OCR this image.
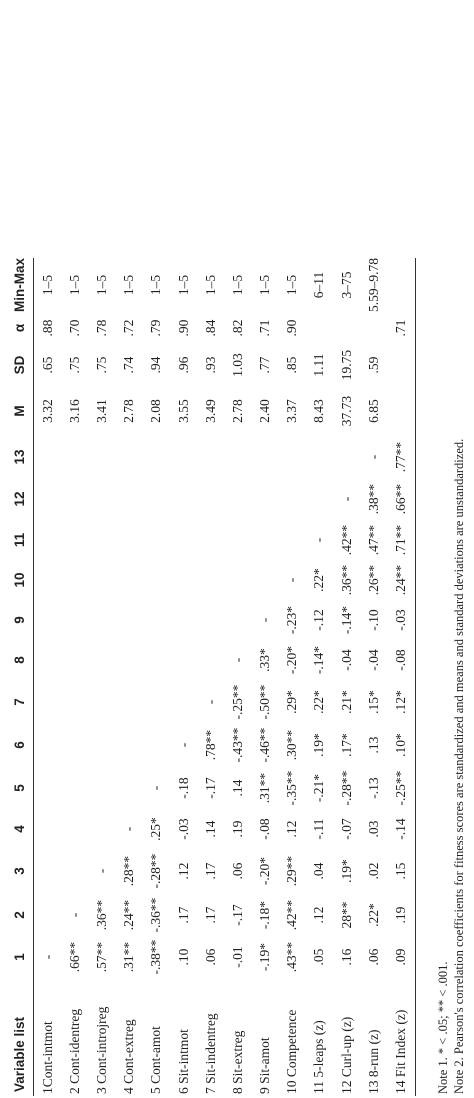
Variable list	1	2	3	4	5	6	7	8	9	10	11	12	13	M	SD	α	Min-Max
1Cont-intmot	-													3.32	.65	.88	1–5
2 Cont-identreg	.66**	-												3.16	.75	.70	1–5
3 Cont-introjreg	.57**	.36**	-											3.41	.75	.78	1–5
4 Cont-extreg	.31**	.24**	.28**	-										2.78	.74	.72	1–5
5 Cont-amot	-.38**	-.36**	-.28**	.25*	-									2.08	.94	.79	1–5
6 Sit-intmot	.10	.17	.12	-.03	-.18	-								3.55	.96	.90	1–5
7 Sit-indentreg	.06	.17	.17	.14	-.17	.78**	-							3.49	.93	.84	1–5
8 Sit-extreg	-.01	-.17	.06	.19	.14	-.43**	-.25**	-						2.78	1.03	.82	1–5
9 Sit-amot	-.19*	-.18*	-.20*	-.08	.31**	-.46**	-.50**	.33*	-					2.40	.77	.71	1–5
10 Competence	.43**	.42**	.29**	.12	-.35**	.30**	.29*	-.20*	-.23*	-				3.37	.85	.90	1–5
11 5-leaps (z)	.05	.12	.04	-.11	-.21*	.19*	.22*	-.14*	-.12	.22*	-			8.43	1.11		6–11
12 Curl-up (z)	.16	28**	.19*	-.07	-.28**	.17*	.21*	-.04	-.14*	.36**	.42**	-		37.73	19.75		3–75
13 8-run (z)	.06	.22*	.02	.03	-.13	.13	.15*	-.04	-.10	.26**	.47**	.38**	-	6.85	.59		5.59–9.78
14 Fit Index (z)	.09	.19	.15	-.14	-.25**	.10*	.12*	-.08	-.03	.24**	.71**	.66**	.77**			.71	
Note 1. * < .05; ** < .001. Note 2. Pearson's correlation coefficients for fitness scores are standardized and means and standard deviations are unstandardized.
